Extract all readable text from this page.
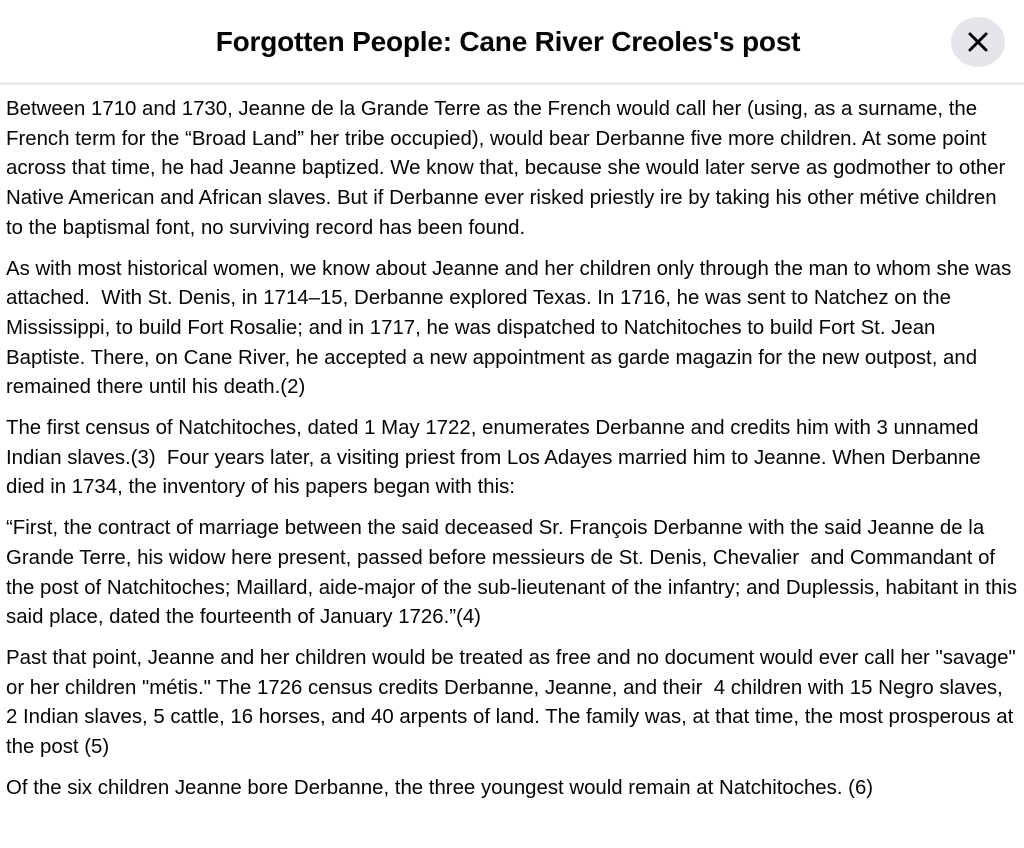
Forgotten People: Cane River Creoles's post

Between 1710 and 1730, Jeanne de la Grande Terre as the French would call her (using, as a surname, the French term for the “Broad Land” her tribe occupied), would bear Derbanne five more children. At some point across that time, he had Jeanne baptized. We know that, because she would later serve as godmother to other Native American and African slaves. But if Derbanne ever risked priestly ire by taking his other métive children to the baptismal font, no surviving record has been found.

As with most historical women, we know about Jeanne and her children only through the man to whom she was attached.  With St. Denis, in 1714–15, Derbanne explored Texas. In 1716, he was sent to Natchez on the Mississippi, to build Fort Rosalie; and in 1717, he was dispatched to Natchitoches to build Fort St. Jean Baptiste. There, on Cane River, he accepted a new appointment as garde magazin for the new outpost, and remained there until his death.(2)

The first census of Natchitoches, dated 1 May 1722, enumerates Derbanne and credits him with 3 unnamed Indian slaves.(3)  Four years later, a visiting priest from Los Adayes married him to Jeanne. When Derbanne died in 1734, the inventory of his papers began with this:

“First, the contract of marriage between the said deceased Sr. François Derbanne with the said Jeanne de la Grande Terre, his widow here present, passed before messieurs de St. Denis, Chevalier  and Commandant of the post of Natchitoches; Maillard, aide-major of the sub-lieutenant of the infantry; and Duplessis, habitant in this said place, dated the fourteenth of January 1726.”(4)

Past that point, Jeanne and her children would be treated as free and no document would ever call her "savage" or her children "métis." The 1726 census credits Derbanne, Jeanne, and their  4 children with 15 Negro slaves, 2 Indian slaves, 5 cattle, 16 horses, and 40 arpents of land. The family was, at that time, the most prosperous at the post (5)

Of the six children Jeanne bore Derbanne, the three youngest would remain at Natchitoches. (6)
